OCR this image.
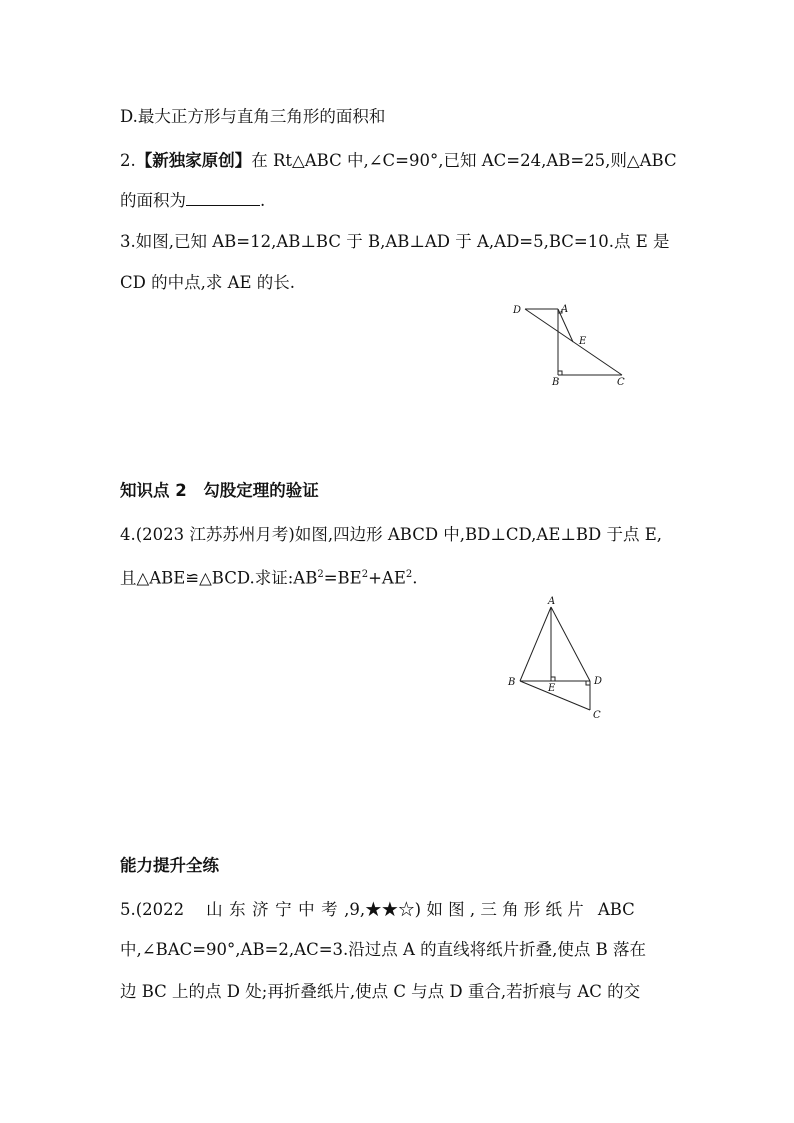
D.最大正方形与直角三角形的面积和
2.【新独家原创】在 Rt△ABC 中,∠C=90°,已知 AC=24,AB=25,则△ABC
的面积为	.
3.如图,已知 AB=12,AB⊥BC 于 B,AB⊥AD 于 A,AD=5,BC=10.点 E 是
CD 的中点,求 AE 的长.
D	A
E
B	C
知识点 2　勾股定理的验证
4.(2023 江苏苏州月考)如图,四边形 ABCD 中,BD⊥CD,AE⊥BD 于点 E,
且△ABE≌△BCD.求证$:AB^2=BE^2+AE^2$.
A
B
E
D
C
能力提升全练
5.(2022 山东济宁中考,9,★★☆) 如 图 , 三 角 形 纸 片 ABC
中,∠BAC=90°,AB=2,AC=3.沿过点 A 的直线将纸片折叠,使点 B 落在
边 BC 上的点 D 处;再折叠纸片,使点 C 与点 D 重合,若折痕与 AC 的交
